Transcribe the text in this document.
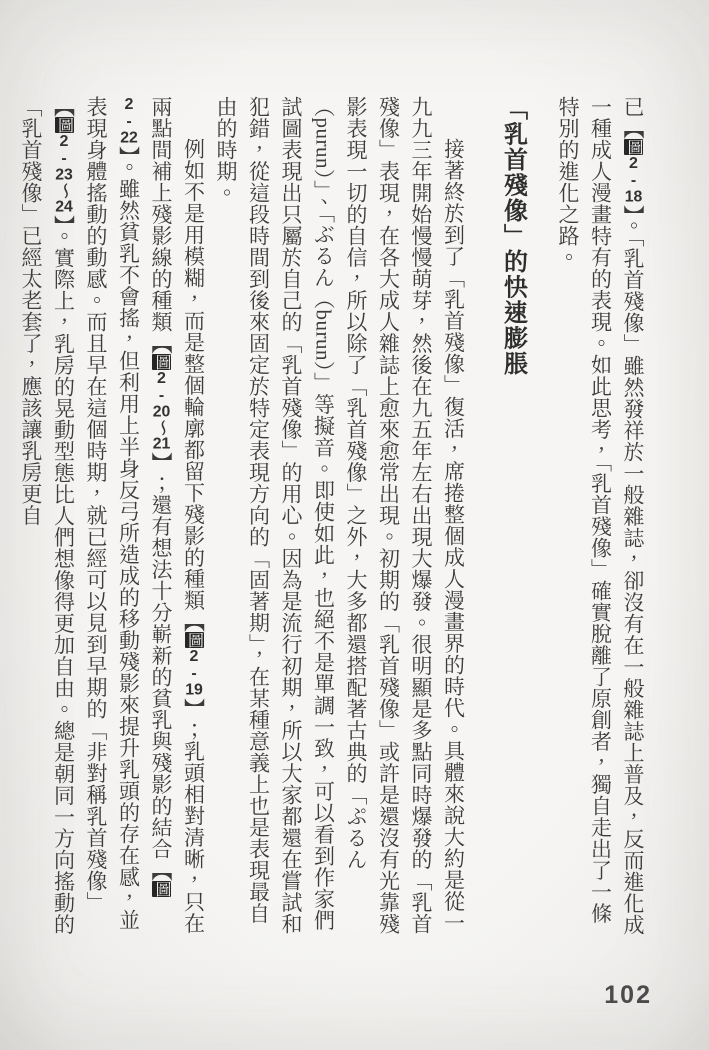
已【圖2-18】。「乳首殘像」雖然發祥於一般雜誌，卻沒有在一般雜誌上普及，反而進化成一種成人漫畫特有的表現。如此思考，「乳首殘像」確實脫離了原創者，獨自走出了一條特別的進化之路。

「乳首殘像」的快速膨脹

接著終於到了「乳首殘像」復活，席捲整個成人漫畫界的時代。具體來說大約是從一九九三年開始慢慢萌芽，然後在九五年左右出現大爆發。很明顯是多點同時爆發的「乳首殘像」表現，在各大成人雜誌上愈來愈常出現。初期的「乳首殘像」或許是還沒有光靠殘影表現一切的自信，所以除了「乳首殘像」之外，大多都還搭配著古典的「ぷるん（purun）」、「ぶるん（burun）」等擬音。即使如此，也絕不是單調一致，可以看到作家們試圖表現出只屬於自己的「乳首殘像」的用心。因為是流行初期，所以大家都還在嘗試和犯錯，從這段時間到後來固定於特定表現方向的「固著期」，在某種意義上也是表現最自由的時期。

例如不是用模糊，而是整個輪廓都留下殘影的種類【圖2-19】；乳頭相對清晰，只在兩點間補上殘影線的種類【圖2-20～21】；還有想法十分嶄新的貧乳與殘影的結合【圖2-22】。雖然貧乳不會搖，但利用上半身反弓所造成的移動殘影來提升乳頭的存在感，並表現身體搖動的動感。而且早在這個時期，就已經可以見到早期的「非對稱乳首殘像」【圖2-23～24】。實際上，乳房的晃動型態比人們想像得更加自由。總是朝同一方向搖動的「乳首殘像」已經太老套了，應該讓乳房更自

102
